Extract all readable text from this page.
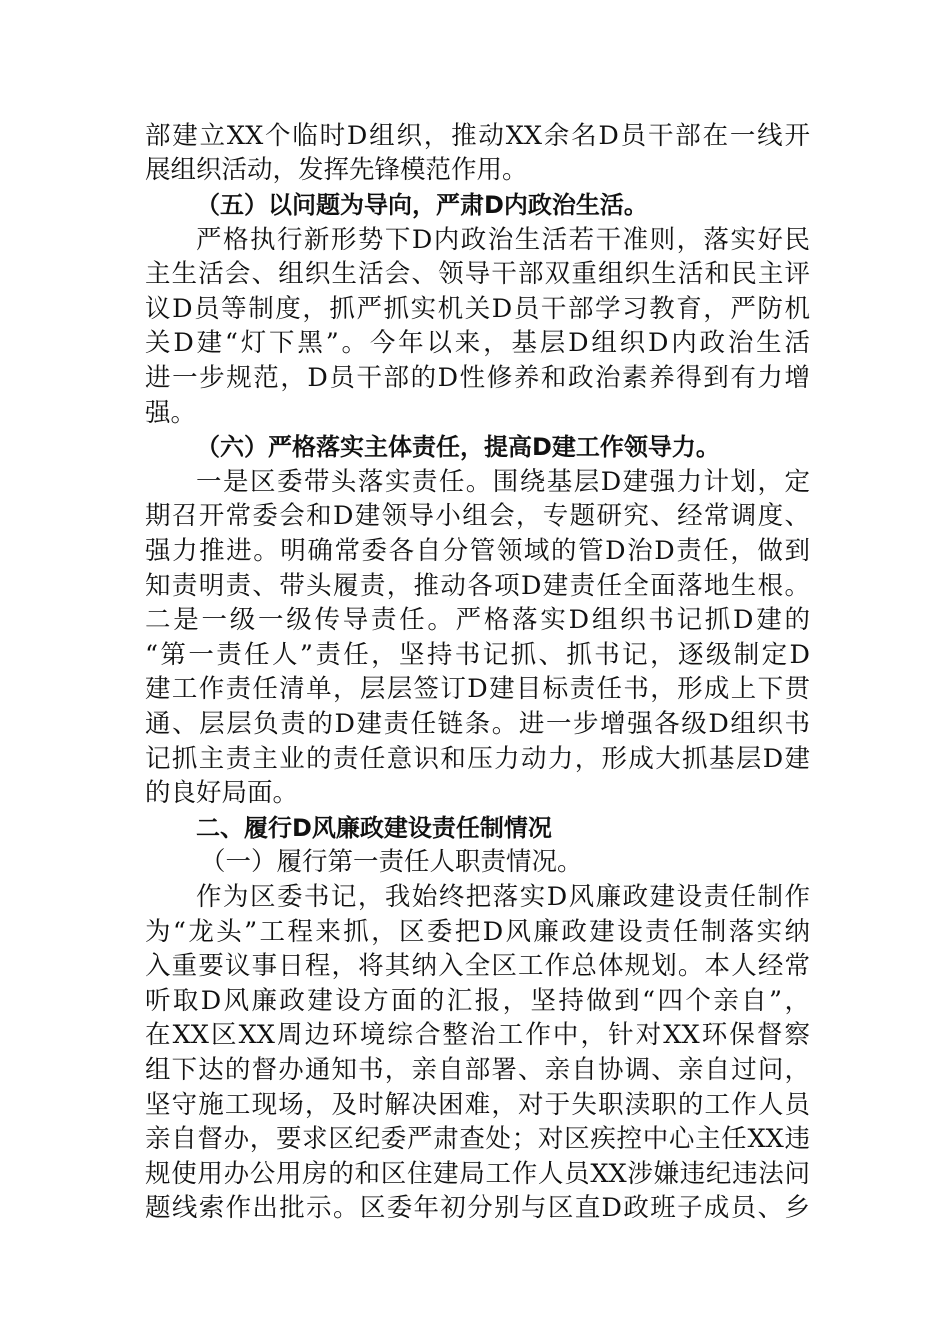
部建立XX个临时D组织，推动XX余名D员干部在一线开
展组织活动，发挥先锋模范作用。
（五）以问题为导向，严肃D内政治生活。
严格执行新形势下D内政治生活若干准则，落实好民
主生活会、组织生活会、领导干部双重组织生活和民主评
议D员等制度，抓严抓实机关D员干部学习教育，严防机
关D建“灯下黑”。今年以来，基层D组织D内政治生活
进一步规范，D员干部的D性修养和政治素养得到有力增
强。
（六）严格落实主体责任，提高D建工作领导力。
一是区委带头落实责任。围绕基层D建强力计划，定
期召开常委会和D建领导小组会，专题研究、经常调度、
强力推进。明确常委各自分管领域的管D治D责任，做到
知责明责、带头履责，推动各项D建责任全面落地生根。
二是一级一级传导责任。严格落实D组织书记抓D建的
“第一责任人”责任，坚持书记抓、抓书记，逐级制定D
建工作责任清单，层层签订D建目标责任书，形成上下贯
通、层层负责的D建责任链条。进一步增强各级D组织书
记抓主责主业的责任意识和压力动力，形成大抓基层D建
的良好局面。
二、履行D风廉政建设责任制情况
（一）履行第一责任人职责情况。
作为区委书记，我始终把落实D风廉政建设责任制作
为“龙头”工程来抓，区委把D风廉政建设责任制落实纳
入重要议事日程，将其纳入全区工作总体规划。本人经常
听取D风廉政建设方面的汇报，坚持做到“四个亲自”，
在XX区XX周边环境综合整治工作中，针对XX环保督察
组下达的督办通知书，亲自部署、亲自协调、亲自过问，
坚守施工现场，及时解决困难，对于失职渎职的工作人员
亲自督办，要求区纪委严肃查处；对区疾控中心主任XX违
规使用办公用房的和区住建局工作人员XX涉嫌违纪违法问
题线索作出批示。区委年初分别与区直D政班子成员、乡
